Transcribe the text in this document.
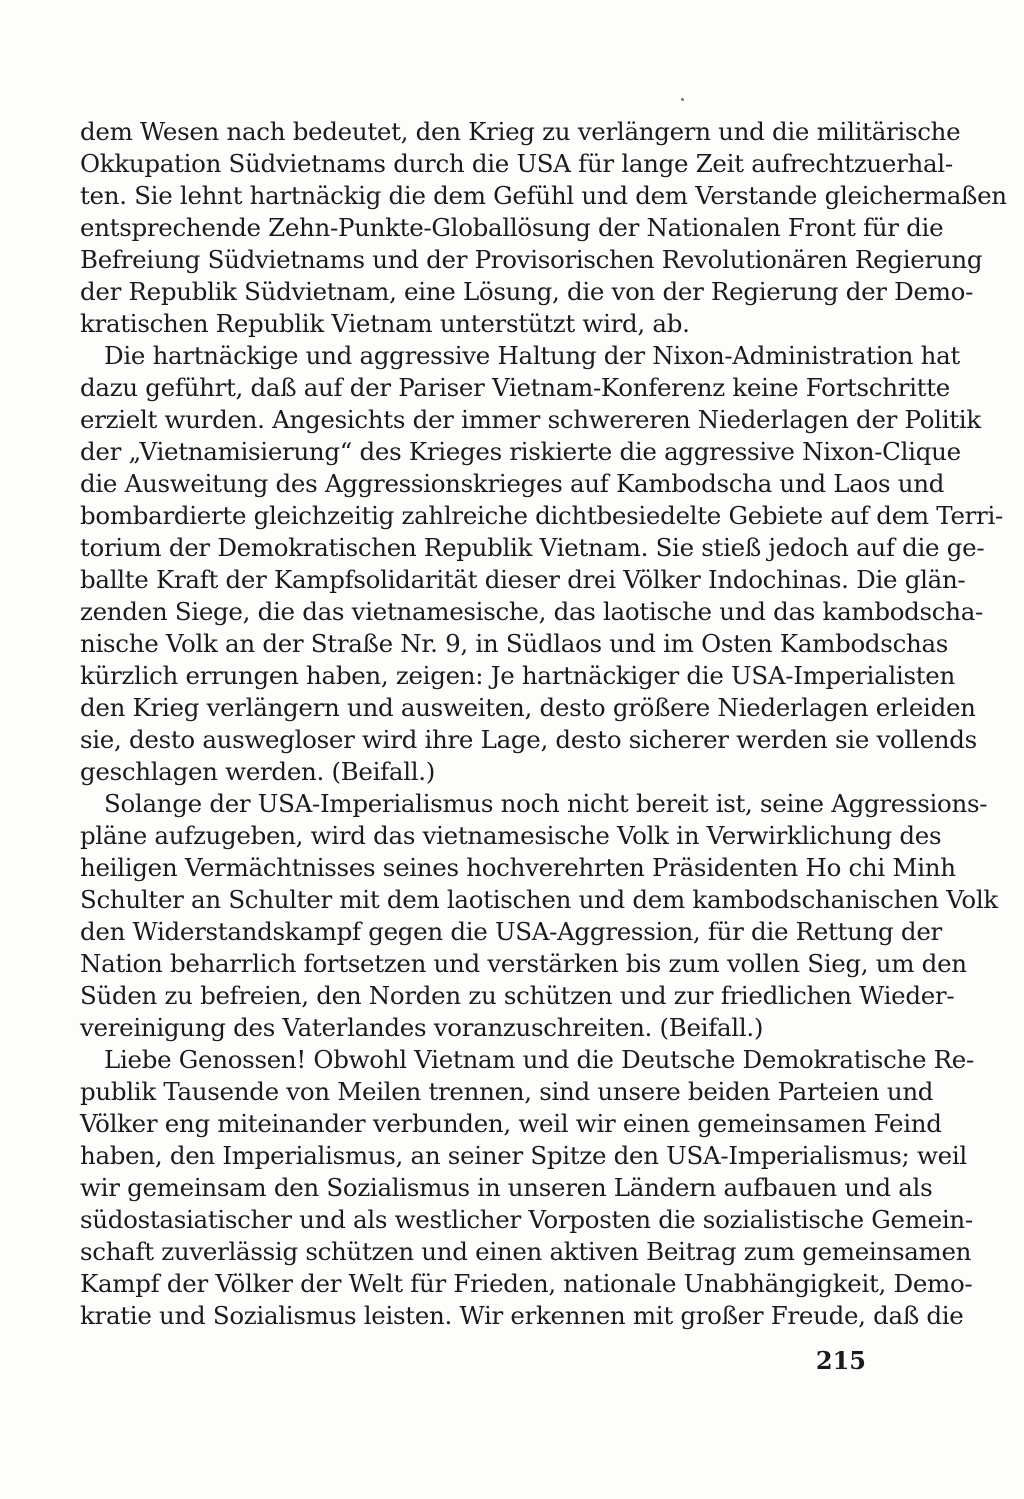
dem Wesen nach bedeutet, den Krieg zu verlängern und die militärische
Okkupation Südvietnams durch die USA für lange Zeit aufrechtzuerhal-
ten. Sie lehnt hartnäckig die dem Gefühl und dem Verstande gleichermaßen
entsprechende Zehn-Punkte-Globallösung der Nationalen Front für die
Befreiung Südvietnams und der Provisorischen Revolutionären Regierung
der Republik Südvietnam, eine Lösung, die von der Regierung der Demo-
kratischen Republik Vietnam unterstützt wird, ab.
Die hartnäckige und aggressive Haltung der Nixon-Administration hat
dazu geführt, daß auf der Pariser Vietnam-Konferenz keine Fortschritte
erzielt wurden. Angesichts der immer schwereren Niederlagen der Politik
der „Vietnamisierung“ des Krieges riskierte die aggressive Nixon-Clique
die Ausweitung des Aggressionskrieges auf Kambodscha und Laos und
bombardierte gleichzeitig zahlreiche dichtbesiedelte Gebiete auf dem Terri-
torium der Demokratischen Republik Vietnam. Sie stieß jedoch auf die ge-
ballte Kraft der Kampfsolidarität dieser drei Völker Indochinas. Die glän-
zenden Siege, die das vietnamesische, das laotische und das kambodscha-
nische Volk an der Straße Nr. 9, in Südlaos und im Osten Kambodschas
kürzlich errungen haben, zeigen: Je hartnäckiger die USA-Imperialisten
den Krieg verlängern und ausweiten, desto größere Niederlagen erleiden
sie, desto auswegloser wird ihre Lage, desto sicherer werden sie vollends
geschlagen werden. (Beifall.)
Solange der USA-Imperialismus noch nicht bereit ist, seine Aggressions-
pläne aufzugeben, wird das vietnamesische Volk in Verwirklichung des
heiligen Vermächtnisses seines hochverehrten Präsidenten Ho chi Minh
Schulter an Schulter mit dem laotischen und dem kambodschanischen Volk
den Widerstandskampf gegen die USA-Aggression, für die Rettung der
Nation beharrlich fortsetzen und verstärken bis zum vollen Sieg, um den
Süden zu befreien, den Norden zu schützen und zur friedlichen Wieder-
vereinigung des Vaterlandes voranzuschreiten. (Beifall.)
Liebe Genossen! Obwohl Vietnam und die Deutsche Demokratische Re-
publik Tausende von Meilen trennen, sind unsere beiden Parteien und
Völker eng miteinander verbunden, weil wir einen gemeinsamen Feind
haben, den Imperialismus, an seiner Spitze den USA-Imperialismus; weil
wir gemeinsam den Sozialismus in unseren Ländern aufbauen und als
südostasiatischer und als westlicher Vorposten die sozialistische Gemein-
schaft zuverlässig schützen und einen aktiven Beitrag zum gemeinsamen
Kampf der Völker der Welt für Frieden, nationale Unabhängigkeit, Demo-
kratie und Sozialismus leisten. Wir erkennen mit großer Freude, daß die
215
